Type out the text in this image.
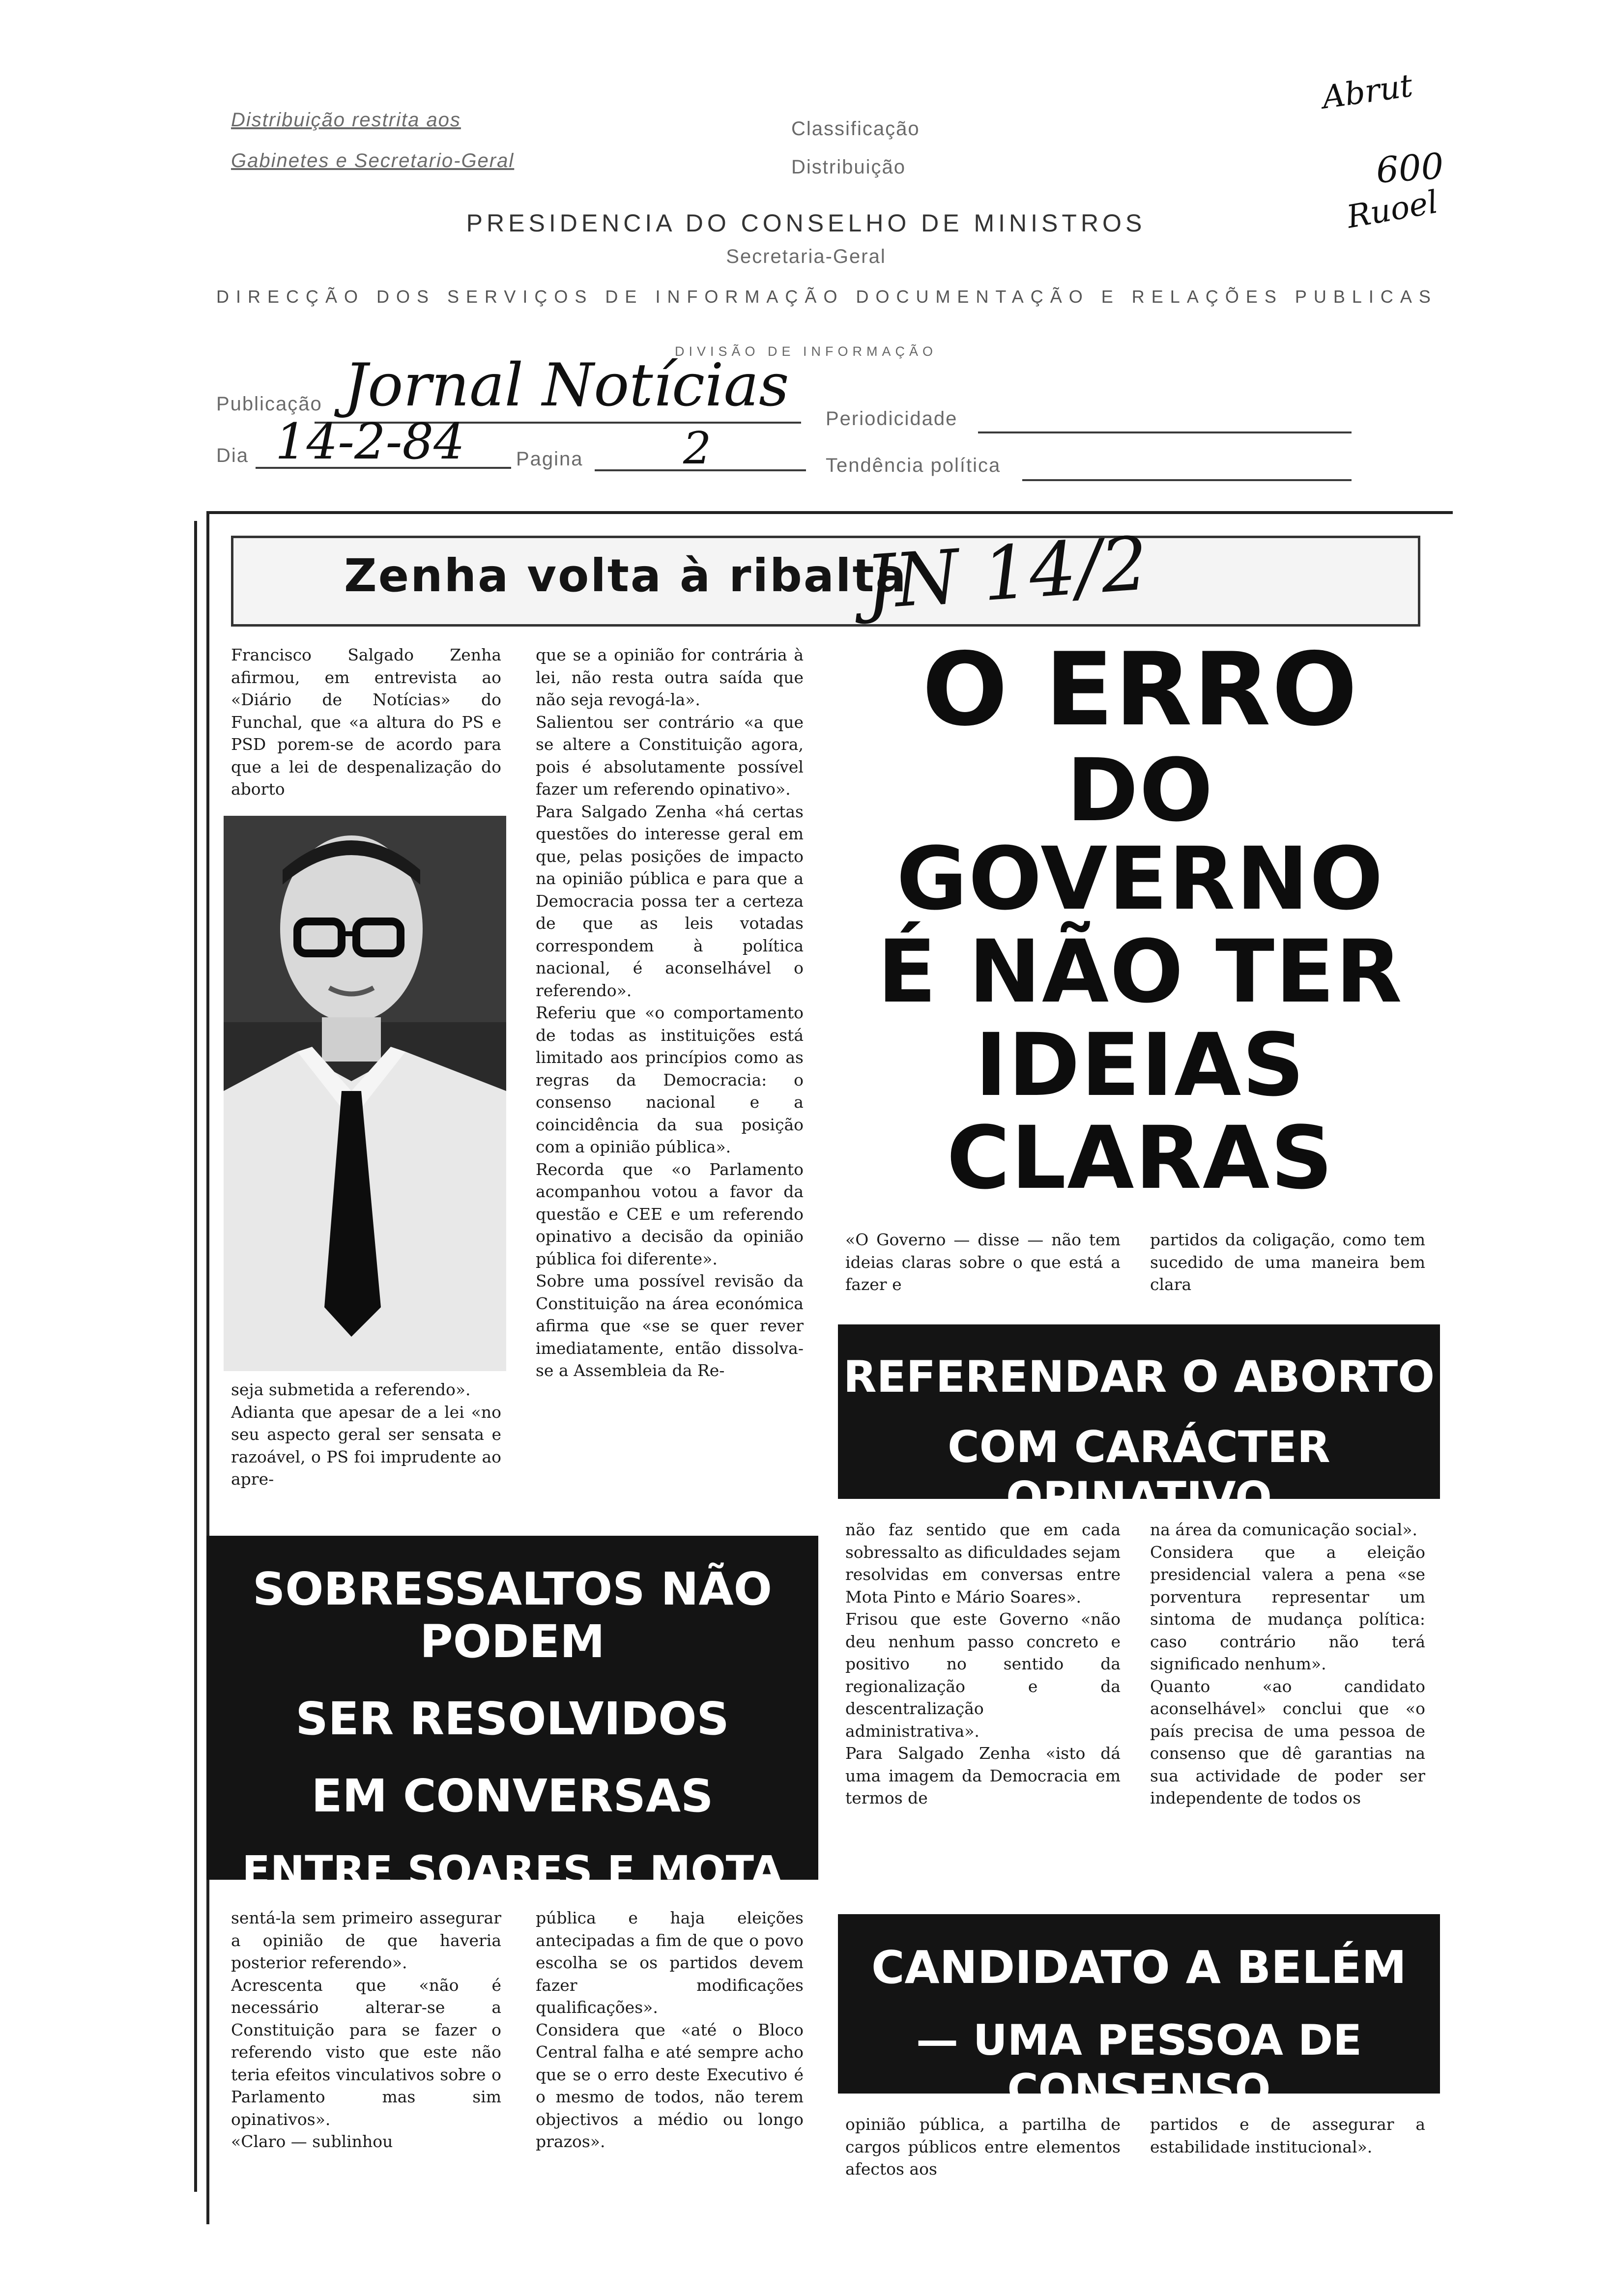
Distribuição restrita aos
Gabinetes e Secretario-Geral
Classificação
Distribuição
Abrut
600
Ruoel
PRESIDENCIA DO CONSELHO DE MINISTROS
Secretaria-Geral
DIRECÇÃO DOS SERVIÇOS DE INFORMAÇÃO DOCUMENTAÇÃO E RELAÇÕES PUBLICAS
DIVISÃO DE INFORMAÇÃO
Publicação Jornal Notícias Periodicidade
Dia 14-2-84	Pagina 2	Tendência política
Zenha volta à ribalta
JN 14/2
Francisco Salgado Zenha afirmou, em entrevista ao «Diário de Notícias» do Funchal, que «a altura do PS e PSD porem-se de acordo para que a lei de despenalização do aborto
seja submetida a referendo».
Adianta que apesar de a lei «no seu aspecto geral ser sensata e razoável, o PS foi imprudente ao apre-
que se a opinião for contrária à lei, não resta outra saída que não seja revogá-la».
Salientou ser contrário «a que se altere a Constituição agora, pois é absolutamente possível fazer um referendo opinativo».
Para Salgado Zenha «há certas questões do interesse geral em que, pelas posições de impacto na opinião pública e para que a Democracia possa ter a certeza de que as leis votadas correspondem à política nacional, é aconselhável o referendo».
Referiu que «o comportamento de todas as instituições está limitado aos princípios como as regras da Democracia: o consenso nacional e a coincidência da sua posição com a opinião pública».
Recorda que «o Parlamento acompanhou votou a favor da questão e CEE e um referendo opinativo a decisão da opinião pública foi diferente».
Sobre uma possível revisão da Constituição na área económica afirma que «se se quer rever imediatamente, então dissolva-se a Assembleia da Re-
O ERRO
DO GOVERNO
É NÃO TER
IDEIAS
CLARAS
«O Governo — disse — não tem ideias claras sobre o que está a fazer e
partidos da coligação, como tem sucedido de uma maneira bem clara
REFERENDAR O ABORTO
COM CARÁCTER OPINATIVO
não faz sentido que em cada sobressalto as dificuldades sejam resolvidas em conversas entre Mota Pinto e Mário Soares».
Frisou que este Governo «não deu nenhum passo concreto e positivo no sentido da regionalização e da descentralização administrativa».
Para Salgado Zenha «isto dá uma imagem da Democracia em termos de
na área da comunicação social».
Considera que a eleição presidencial valera a pena «se porventura representar um sintoma de mudança política: caso contrário não terá significado nenhum».
Quanto «ao candidato aconselhável» conclui que «o país precisa de uma pessoa de consenso que dê garantias na sua actividade de poder ser independente de todos os
SOBRESSALTOS NÃO PODEM
SER RESOLVIDOS
EM CONVERSAS
ENTRE SOARES E MOTA PINTO
sentá-la sem primeiro assegurar a opinião de que haveria posterior referendo».
Acrescenta que «não é necessário alterar-se a Constituição para se fazer o referendo visto que este não teria efeitos vinculativos sobre o Parlamento mas sim opinativos».
«Claro — sublinhou
pública e haja eleições antecipadas a fim de que o povo escolha se os partidos devem fazer modificações qualificações».
Considera que «até o Bloco Central falha e até sempre acho que se o erro deste Executivo é o mesmo de todos, não terem objectivos a médio ou longo prazos».
CANDIDATO A BELÉM
— UMA PESSOA DE CONSENSO
opinião pública, a partilha de cargos públicos entre elementos afectos aos
partidos e de assegurar a estabilidade institucional».
